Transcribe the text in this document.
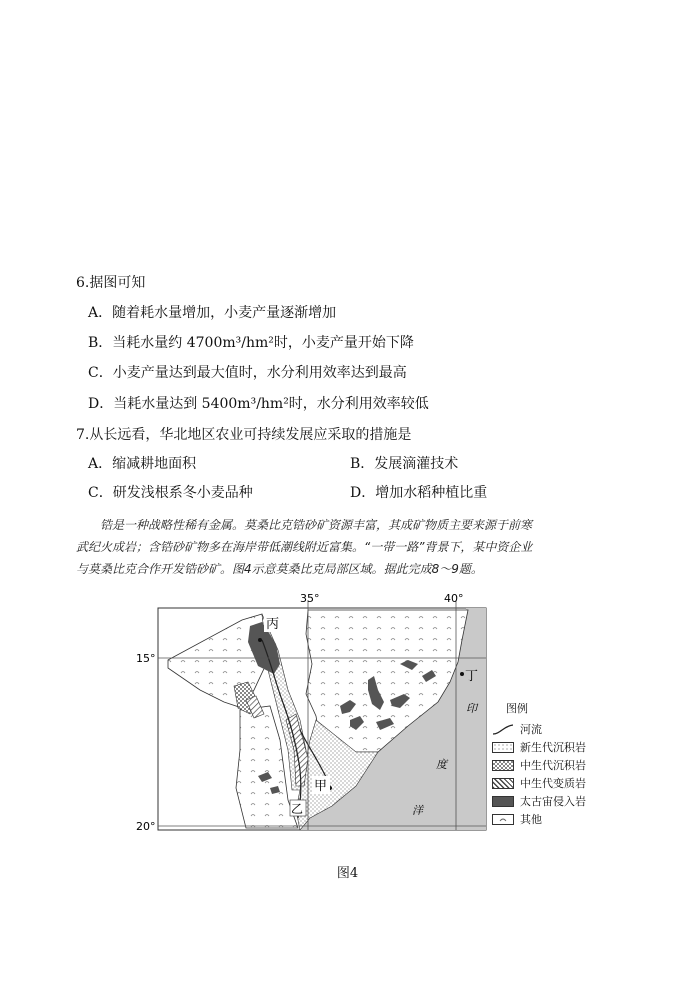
6.据图可知
A．随着耗水量增加，小麦产量逐渐增加
B．当耗水量约 4700m³/hm²时，小麦产量开始下降
C．小麦产量达到最大值时，水分利用效率达到最高
D．当耗水量达到 5400m³/hm²时，水分利用效率较低
7.从长远看，华北地区农业可持续发展应采取的措施是
A．缩减耕地面积	B．发展滴灌技术
C．研发浅根系冬小麦品种	D．增加水稻种植比重

锆是一种战略性稀有金属。莫桑比克锆砂矿资源丰富，其成矿物质主要来源于前寒

武纪火成岩；含锆砂矿物多在海岸带低潮线附近富集。“一带一路”背景下，某中资企业

与莫桑比克合作开发锆砂矿。图4示意莫桑比克局部区域。据此完成8～9题。

35°	40°
15°
20°
丙
丁
甲
乙
印
度
洋
图例
河流
新生代沉积岩
中生代沉积岩
中生代变质岩
太古宙侵入岩
其他
图4
